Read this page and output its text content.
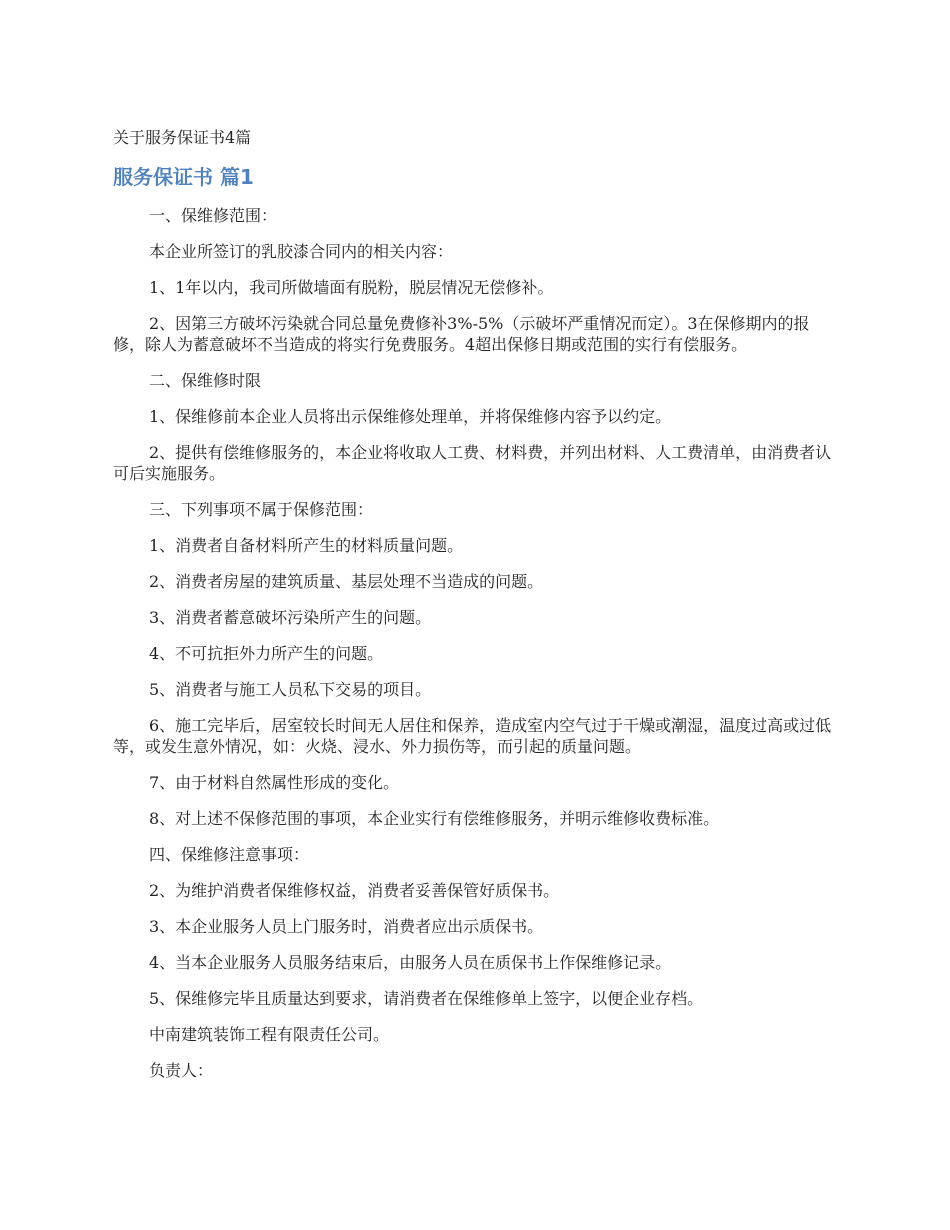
关于服务保证书4篇
服务保证书 篇1

一、保维修范围：

本企业所签订的乳胶漆合同内的相关内容：

1、1年以内，我司所做墙面有脱粉，脱层情况无偿修补。

2、因第三方破坏污染就合同总量免费修补3%-5%（示破坏严重情况而定）。3在保修期内的报修，除人为蓄意破坏不当造成的将实行免费服务。4超出保修日期或范围的实行有偿服务。

二、保维修时限

1、保维修前本企业人员将出示保维修处理单，并将保维修内容予以约定。

2、提供有偿维修服务的，本企业将收取人工费、材料费，并列出材料、人工费清单，由消费者认可后实施服务。

三、下列事项不属于保修范围：

1、消费者自备材料所产生的材料质量问题。

2、消费者房屋的建筑质量、基层处理不当造成的问题。

3、消费者蓄意破坏污染所产生的问题。

4、不可抗拒外力所产生的问题。

5、消费者与施工人员私下交易的项目。

6、施工完毕后，居室较长时间无人居住和保养，造成室内空气过于干燥或潮湿，温度过高或过低等，或发生意外情况，如：火烧、浸水、外力损伤等，而引起的质量问题。

7、由于材料自然属性形成的变化。

8、对上述不保修范围的事项，本企业实行有偿维修服务，并明示维修收费标准。

四、保维修注意事项：

2、为维护消费者保维修权益，消费者妥善保管好质保书。

3、本企业服务人员上门服务时，消费者应出示质保书。

4、当本企业服务人员服务结束后，由服务人员在质保书上作保维修记录。

5、保维修完毕且质量达到要求，请消费者在保维修单上签字，以便企业存档。

中南建筑装饰工程有限责任公司。

负责人：
